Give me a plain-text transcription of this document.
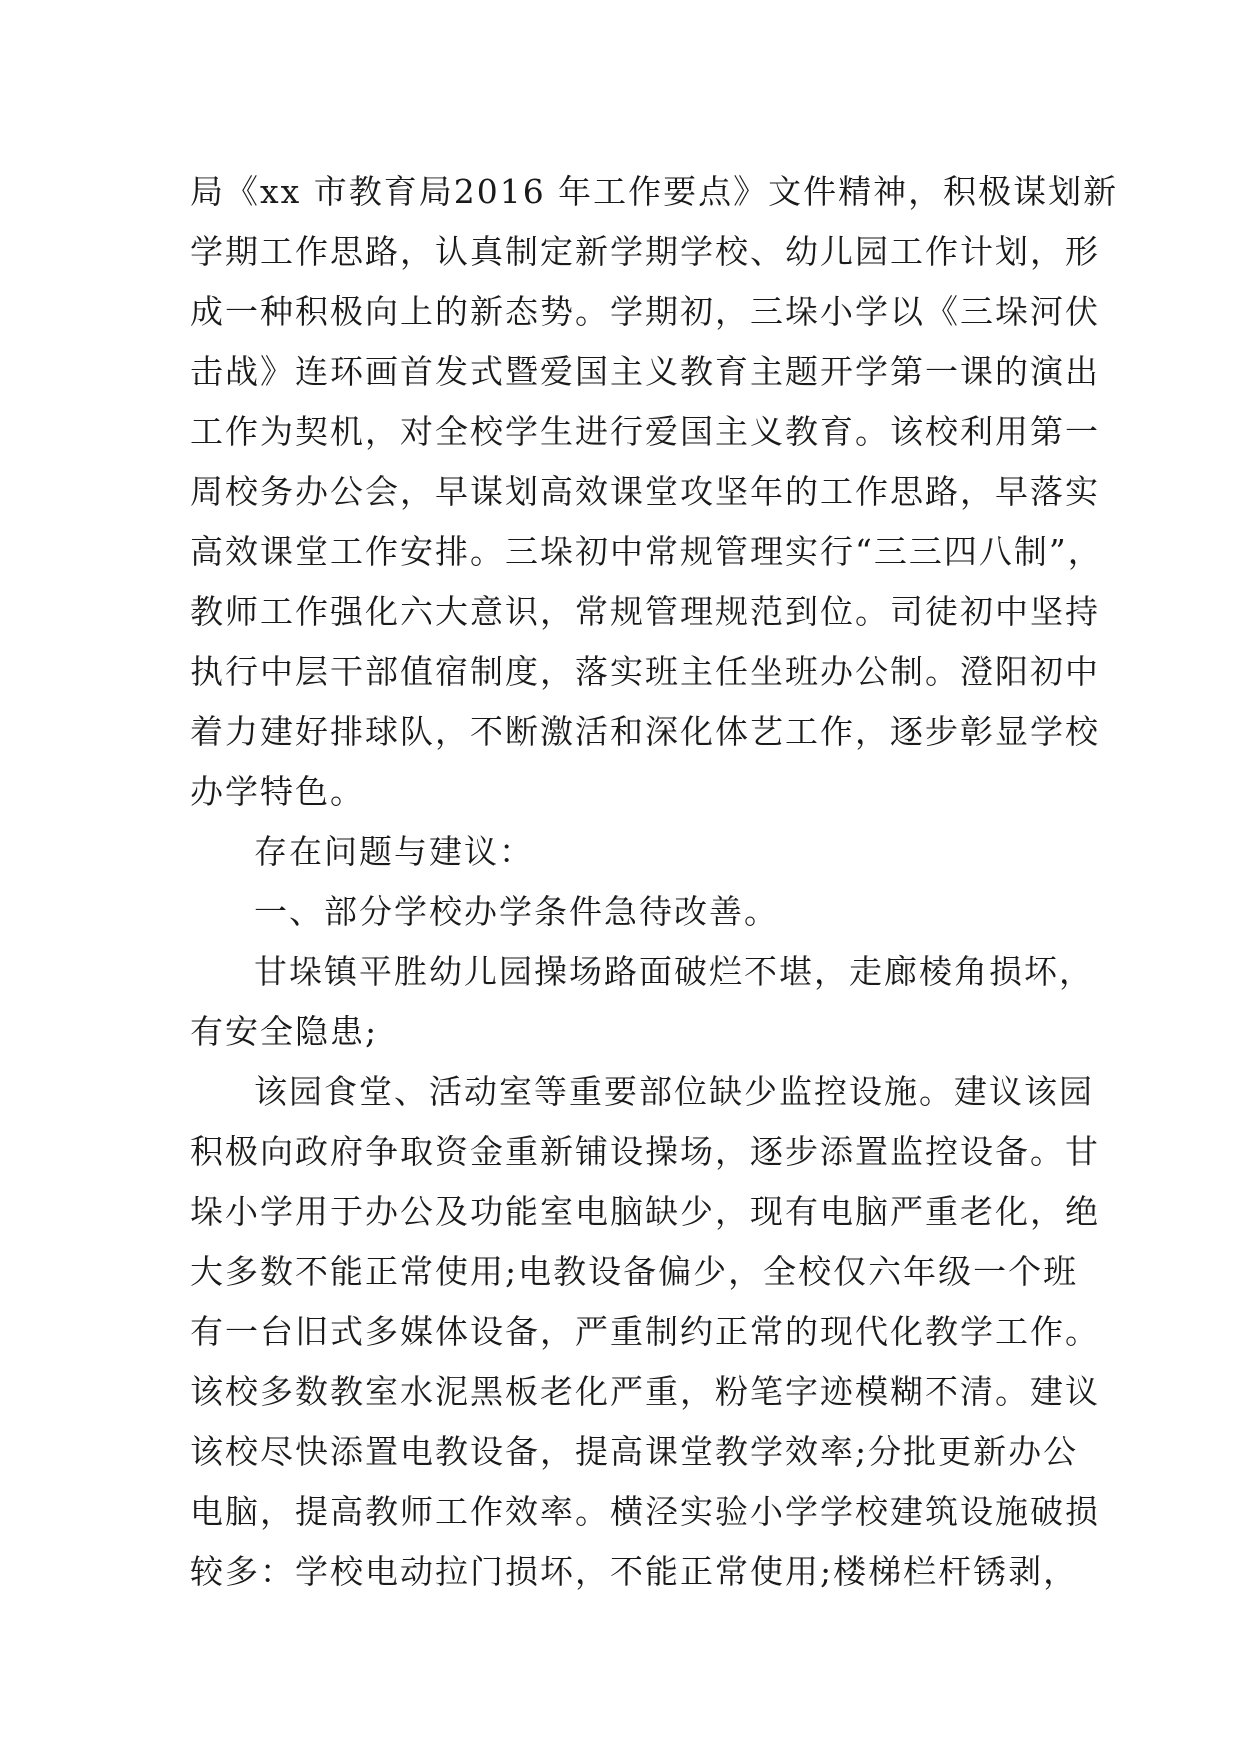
局《xx 市教育局2016 年工作要点》文件精神，积极谋划新
学期工作思路，认真制定新学期学校、幼儿园工作计划，形
成一种积极向上的新态势。学期初，三垛小学以《三垛河伏
击战》连环画首发式暨爱国主义教育主题开学第一课的演出
工作为契机，对全校学生进行爱国主义教育。该校利用第一
周校务办公会，早谋划高效课堂攻坚年的工作思路，早落实
高效课堂工作安排。三垛初中常规管理实行“三三四八制”，
教师工作强化六大意识，常规管理规范到位。司徒初中坚持
执行中层干部值宿制度，落实班主任坐班办公制。澄阳初中
着力建好排球队，不断激活和深化体艺工作，逐步彰显学校
办学特色。
存在问题与建议：
一、部分学校办学条件急待改善。
甘垛镇平胜幼儿园操场路面破烂不堪，走廊棱角损坏，
有安全隐患;
该园食堂、活动室等重要部位缺少监控设施。建议该园
积极向政府争取资金重新铺设操场，逐步添置监控设备。甘
垛小学用于办公及功能室电脑缺少，现有电脑严重老化，绝
大多数不能正常使用;电教设备偏少，全校仅六年级一个班
有一台旧式多媒体设备，严重制约正常的现代化教学工作。
该校多数教室水泥黑板老化严重，粉笔字迹模糊不清。建议
该校尽快添置电教设备，提高课堂教学效率;分批更新办公
电脑，提高教师工作效率。横泾实验小学学校建筑设施破损
较多：学校电动拉门损坏，不能正常使用;楼梯栏杆锈剥，
